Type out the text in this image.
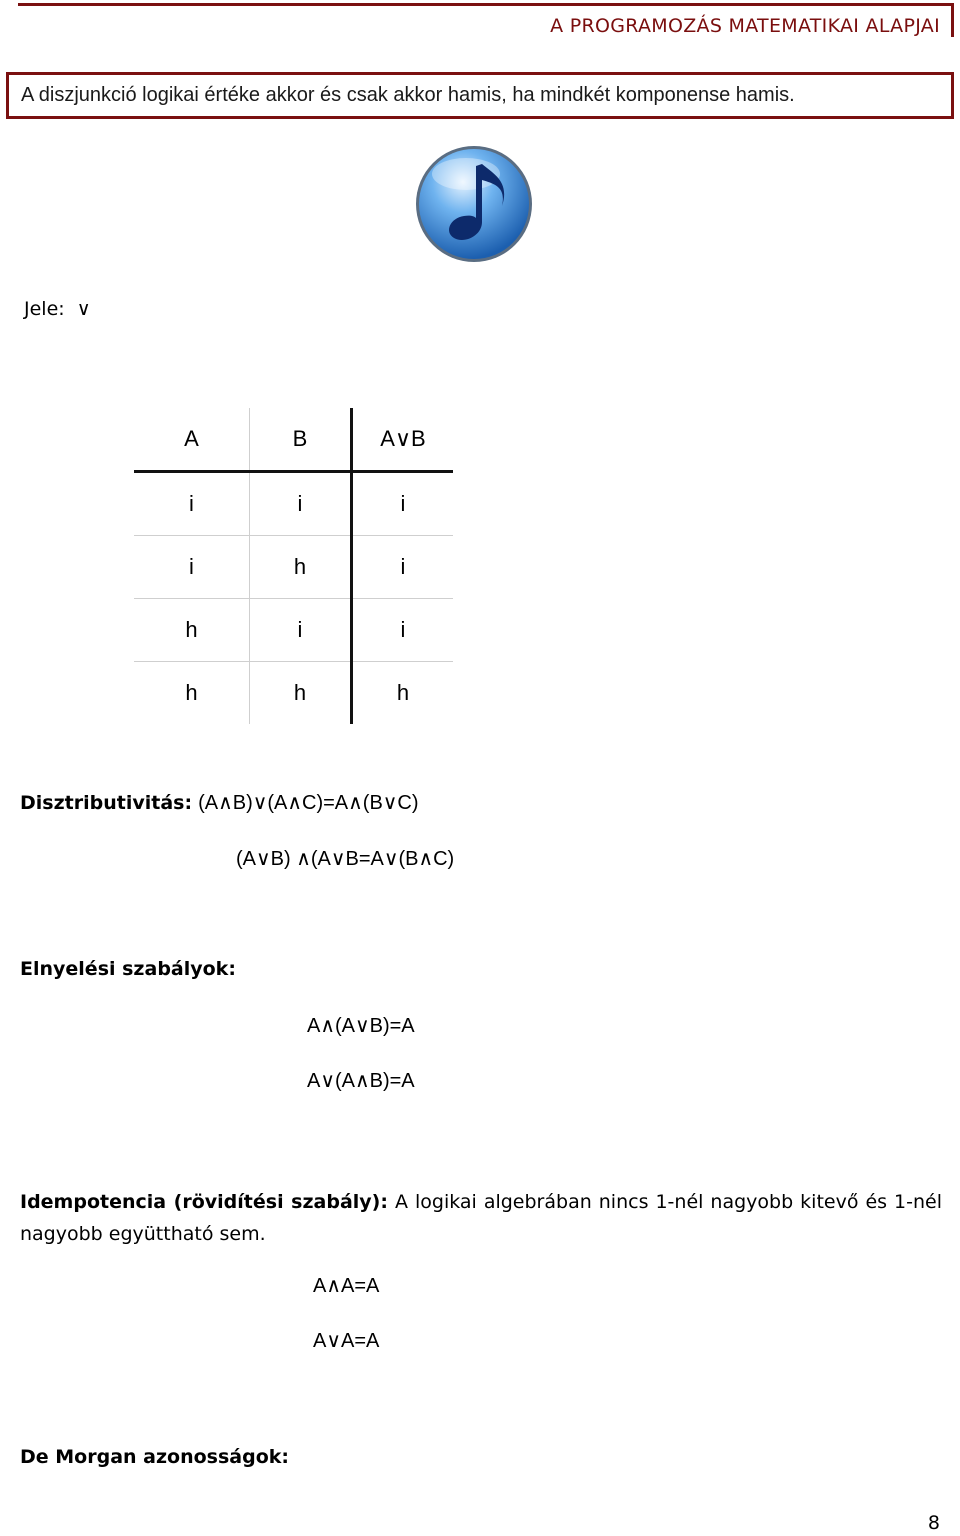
A PROGRAMOZÁS MATEMATIKAI ALAPJAI
A diszjunkció logikai értéke akkor és csak akkor hamis, ha mindkét komponense hamis.
Jele: ∨
A	B	A∨B
i	i	i
i	h	i
h	i	i
h	h	h
Disztributivitás: (A∧B)∨(A∧C)=A∧(B∨C)
(A∨B) ∧(A∨B=A∨(B∧C)
Elnyelési szabályok:
A∧(A∨B)=A
A∨(A∧B)=A
Idempotencia (rövidítési szabály): A logikai algebrában nincs 1-nél nagyobb kitevő és 1-nél nagyobb együttható sem.
A∧A=A
A∨A=A
De Morgan azonosságok:
8
